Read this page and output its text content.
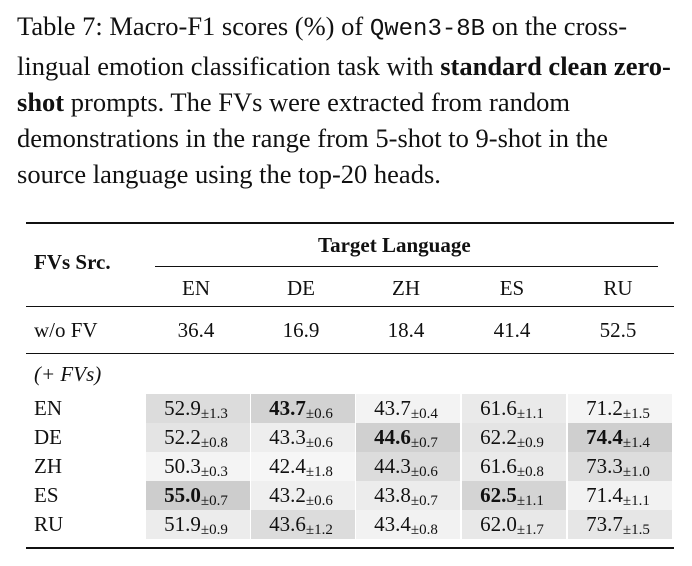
Table 7: Macro-F1 scores (%) of Qwen3-8B on the cross-lingual emotion classification task with standard clean zero-shot prompts. The FVs were extracted from random demonstrations in the range from 5-shot to 9-shot in the source language using the top-20 heads.

FVs Src.
Target Language
EN	DE	ZH	ES	RU
w/o FV	36.4	16.9	18.4	41.4	52.5
(+ FVs)
EN	52.9±1.3	43.7±0.6	43.7±0.4	61.6±1.1	71.2±1.5
DE	52.2±0.8	43.3±0.6	44.6±0.7	62.2±0.9	74.4±1.4
ZH	50.3±0.3	42.4±1.8	44.3±0.6	61.6±0.8	73.3±1.0
ES	55.0±0.7	43.2±0.6	43.8±0.7	62.5±1.1	71.4±1.1
RU	51.9±0.9	43.6±1.2	43.4±0.8	62.0±1.7	73.7±1.5
